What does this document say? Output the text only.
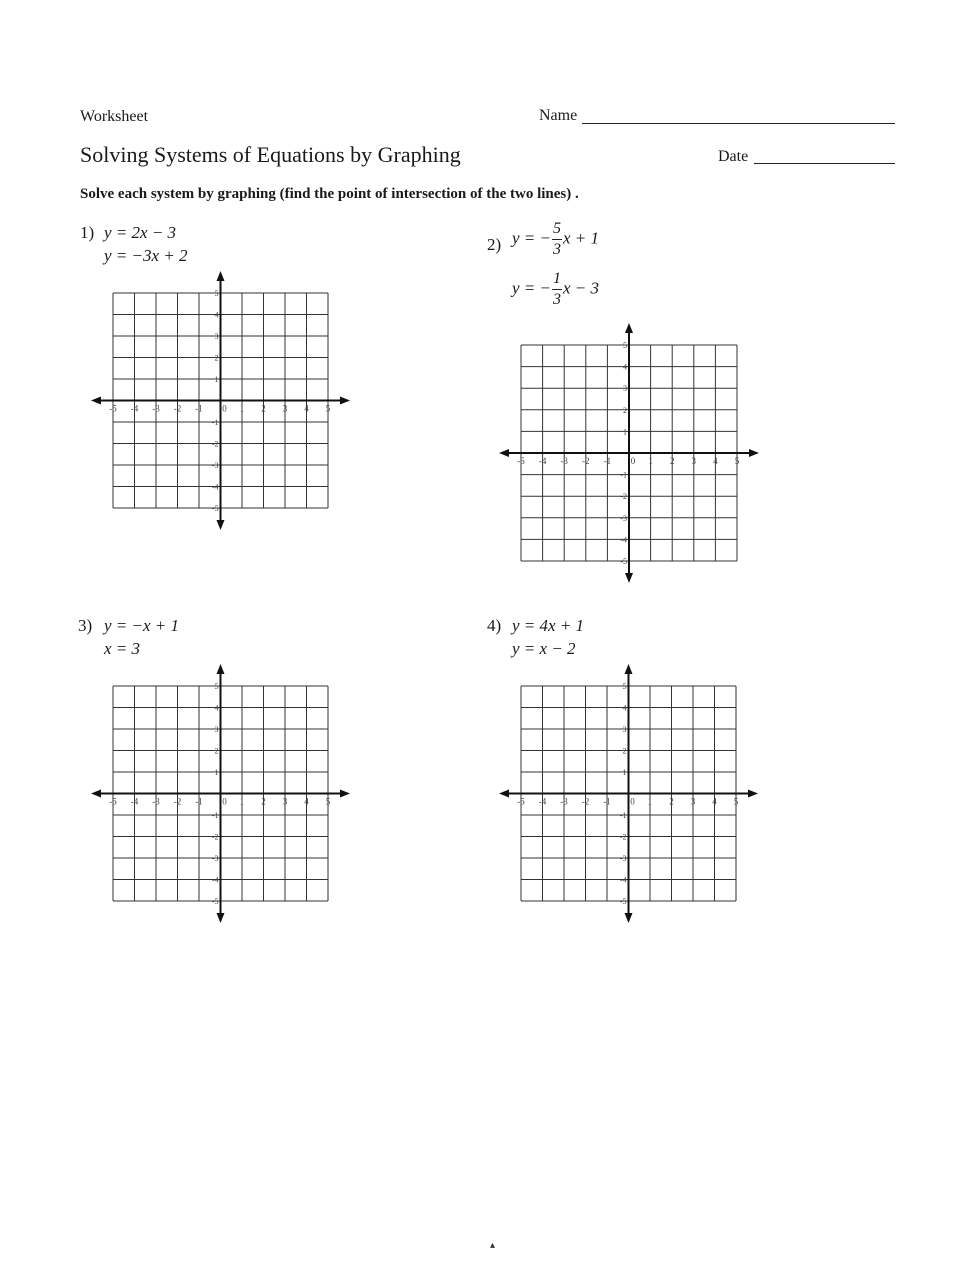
Worksheet	Name
Solving Systems of Equations by Graphing	Date
Solve each system by graphing (find the point of intersection of the two lines) .
1) y = 2x − 3
y = −3x + 2
2) y = − $\frac{5}{3}$ x + 1
y = − $\frac{1}{3}$ x − 3
3) y = −x + 1
x = 3
4) y = 4x + 1
y = x − 2
-5 -4 -3 -2 -1 0 1 2 3 4 5
5
4
3
2
1
-1
-2
-3
-4
-5
-5 -4 -3 -2 -1 0 1 2 3 4 5
5
4
3
2
1
-1
-2
-3
-4
-5
-5 -4 -3 -2 -1 0 1 2 3 4 5
5
4
3
2
1
-1
-2
-3
-4
-5
-5 -4 -3 -2 -1 0 1 2 3 4 5
5
4
3
2
1
-1
-2
-3
-4
-5
▴
